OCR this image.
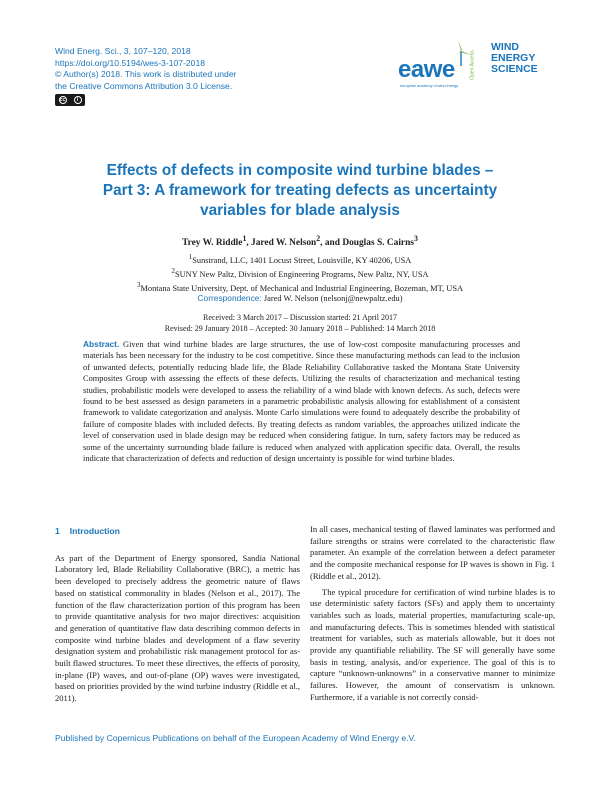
Wind Energ. Sci., 3, 107–120, 2018
https://doi.org/10.5194/wes-3-107-2018
© Author(s) 2018. This work is distributed under
the Creative Commons Attribution 3.0 License.
cc	i
eawe
european academy of wind energy
Open Access
WIND
ENERGY
SCIENCE
Effects of defects in composite wind turbine blades –
Part 3: A framework for treating defects as uncertainty
variables for blade analysis
Trey W. Riddle$^1$, Jared W. Nelson$^2$, and Douglas S. Cairns$^3$
$^1$Sunstrand, LLC, 1401 Locust Street, Louisville, KY 40206, USA
$^2$SUNY New Paltz, Division of Engineering Programs, New Paltz, NY, USA
$^3$Montana State University, Dept. of Mechanical and Industrial Engineering, Bozeman, MT, USA
Correspondence: Jared W. Nelson (nelsonj@newpaltz.edu)
Received: 3 March 2017 – Discussion started: 21 April 2017
Revised: 29 January 2018 – Accepted: 30 January 2018 – Published: 14 March 2018
Abstract. Given that wind turbine blades are large structures, the use of low-cost composite manufacturing processes and materials has been necessary for the industry to be cost competitive. Since these manufacturing methods can lead to the inclusion of unwanted defects, potentially reducing blade life, the Blade Reliability Collaborative tasked the Montana State University Composites Group with assessing the effects of these defects. Utilizing the results of characterization and mechanical testing studies, probabilistic models were developed to assess the reliability of a wind blade with known defects. As such, defects were found to be best assessed as design parameters in a parametric probabilistic analysis allowing for establishment of a consistent framework to validate categorization and analysis. Monte Carlo simulations were found to adequately describe the probability of failure of composite blades with included defects. By treating defects as random variables, the approaches utilized indicate the level of conservation used in blade design may be reduced when considering fatigue. In turn, safety factors may be reduced as some of the uncertainty surrounding blade failure is reduced when analyzed with application specific data. Overall, the results indicate that characterization of defects and reduction of design uncertainty is possible for wind turbine blades.
1 Introduction

As part of the Department of Energy sponsored, Sandia National Laboratory led, Blade Reliability Collaborative (BRC), a metric has been developed to precisely address the geometric nature of flaws based on statistical commonality in blades (Nelson et al., 2017). The function of the flaw characterization portion of this program has been to provide quantitative analysis for two major directives: acquisition and generation of quantitative flaw data describing common defects in composite wind turbine blades and development of a flaw severity designation system and probabilistic risk management protocol for as-built flawed structures. To meet these directives, the effects of porosity, in-plane (IP) waves, and out-of-plane (OP) waves were investigated, based on priorities provided by the wind turbine industry (Riddle et al., 2011).

In all cases, mechanical testing of flawed laminates was performed and failure strengths or strains were correlated to the characteristic flaw parameter. An example of the correlation between a defect parameter and the composite mechanical response for IP waves is shown in Fig. 1 (Riddle et al., 2012).

The typical procedure for certification of wind turbine blades is to use deterministic safety factors (SFs) and apply them to uncertainty variables such as loads, material properties, manufacturing scale-up, and manufacturing defects. This is sometimes blended with statistical treatment for variables, such as materials allowable, but it does not provide any quantifiable reliability. The SF will generally have some basis in testing, analysis, and/or experience. The goal of this is to capture “unknown-unknowns” in a conservative manner to minimize failures. However, the amount of conservatism is unknown. Furthermore, if a variable is not correctly consid-

Published by Copernicus Publications on behalf of the European Academy of Wind Energy e.V.
